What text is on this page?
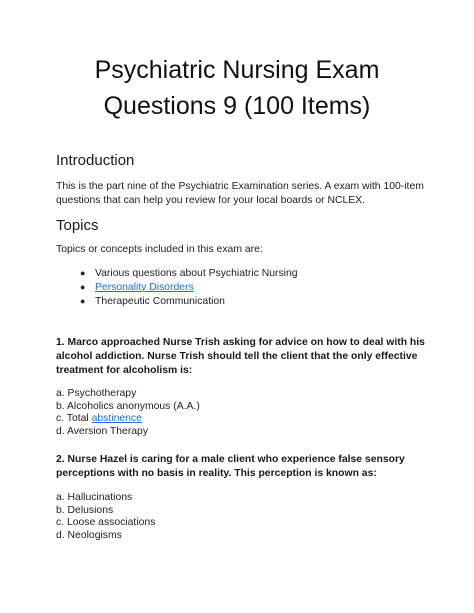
Psychiatric Nursing Exam
Questions 9 (100 Items)
Introduction

This is the part nine of the Psychiatric Examination series. A exam with 100-item questions that can help you review for your local boards or NCLEX.

Topics

Topics or concepts included in this exam are:

● Various questions about Psychiatric Nursing
● Personality Disorders
● Therapeutic Communication

1. Marco approached Nurse Trish asking for advice on how to deal with his alcohol addiction. Nurse Trish should tell the client that the only effective treatment for alcoholism is:

a. Psychotherapy
b. Alcoholics anonymous (A.A.)
c. Total abstinence
d. Aversion Therapy

2. Nurse Hazel is caring for a male client who experience false sensory perceptions with no basis in reality. This perception is known as:

a. Hallucinations
b. Delusions
c. Loose associations
d. Neologisms
